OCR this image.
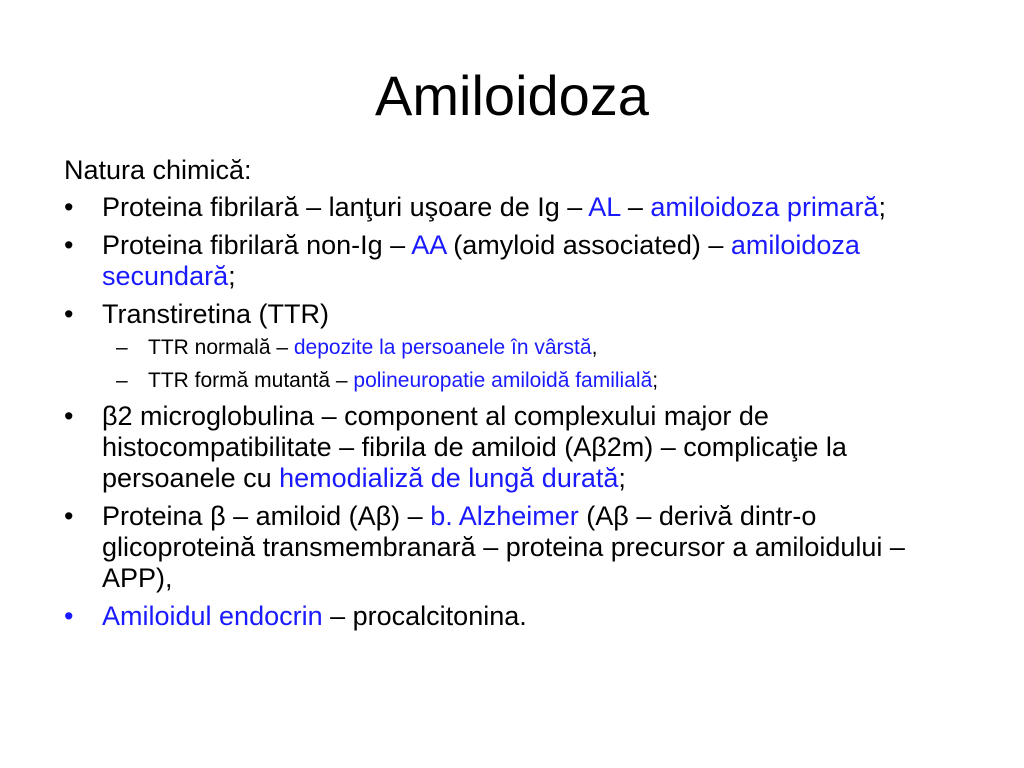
Amiloidoza

Natura chimică:

• Proteina fibrilară – lanţuri uşoare de Ig – AL – amiloidoza primară;
• Proteina fibrilară non-Ig – AA (amyloid associated) – amiloidoza secundară;
• Transtiretina (TTR)
– TTR normală – depozite la persoanele în vârstă,
– TTR formă mutantă – polineuropatie amiloidă familială;
• β2 microglobulina – component al complexului major de histocompatibilitate – fibrila de amiloid (Aβ2m) – complicaţie la persoanele cu hemodializă de lungă durată;
• Proteina β – amiloid (Aβ) – b. Alzheimer (Aβ – derivă dintr-o glicoproteină transmembranară – proteina precursor a amiloidului – APP),
• Amiloidul endocrin – procalcitonina.
